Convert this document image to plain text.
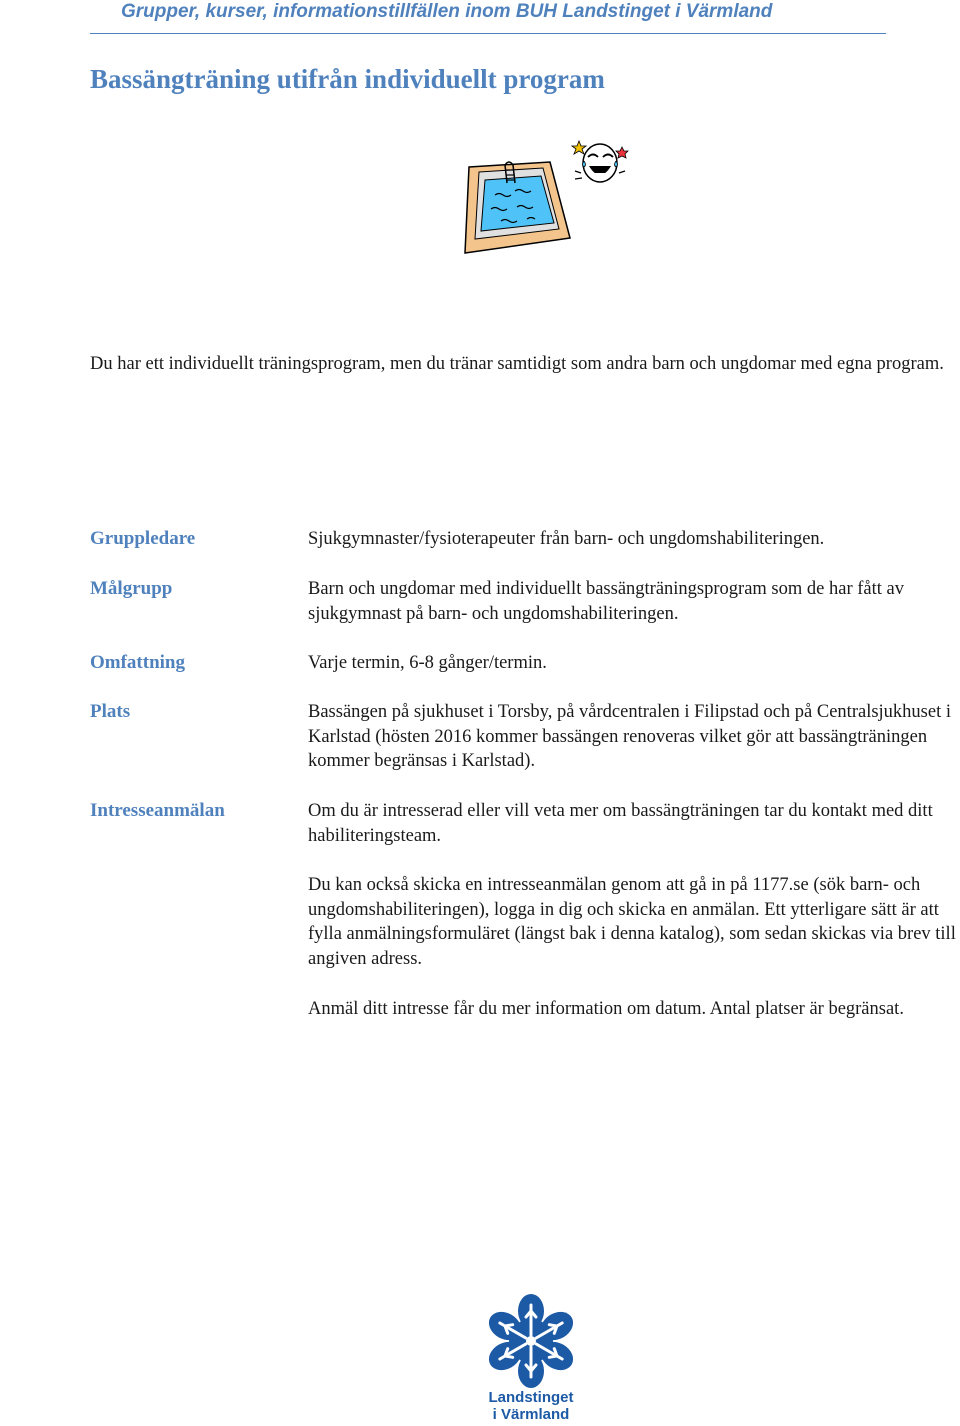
Grupper, kurser, informationstillfällen inom BUH Landstinget i Värmland
Bassängträning utifrån individuellt program

Du har ett individuellt träningsprogram, men du tränar samtidigt som andra barn och ungdomar med egna program.

Gruppledare
Målgrupp
Omfattning
Plats
Intresseanmälan

Sjukgymnaster/fysioterapeuter från barn- och ungdomshabiliteringen.

Barn och ungdomar med individuellt bassängträningsprogram som de har fått av sjukgymnast på barn- och ungdomshabiliteringen.

Varje termin, 6-8 gånger/termin.

Bassängen på sjukhuset i Torsby, på vårdcentralen i Filipstad och på Centralsjukhuset i Karlstad (hösten 2016 kommer bassängen renoveras vilket gör att bassängträningen kommer begränsas i Karlstad).

Om du är intresserad eller vill veta mer om bassängträningen tar du kontakt med ditt habiliteringsteam.

Du kan också skicka en intresseanmälan genom att gå in på 1177.se (sök barn- och ungdomshabiliteringen), logga in dig och skicka en anmälan. Ett ytterligare sätt är att fylla anmälningsformuläret (längst bak i denna katalog), som sedan skickas via brev till angiven adress.

Anmäl ditt intresse får du mer information om datum. Antal platser är begränsat.

Landstinget
i Värmland
